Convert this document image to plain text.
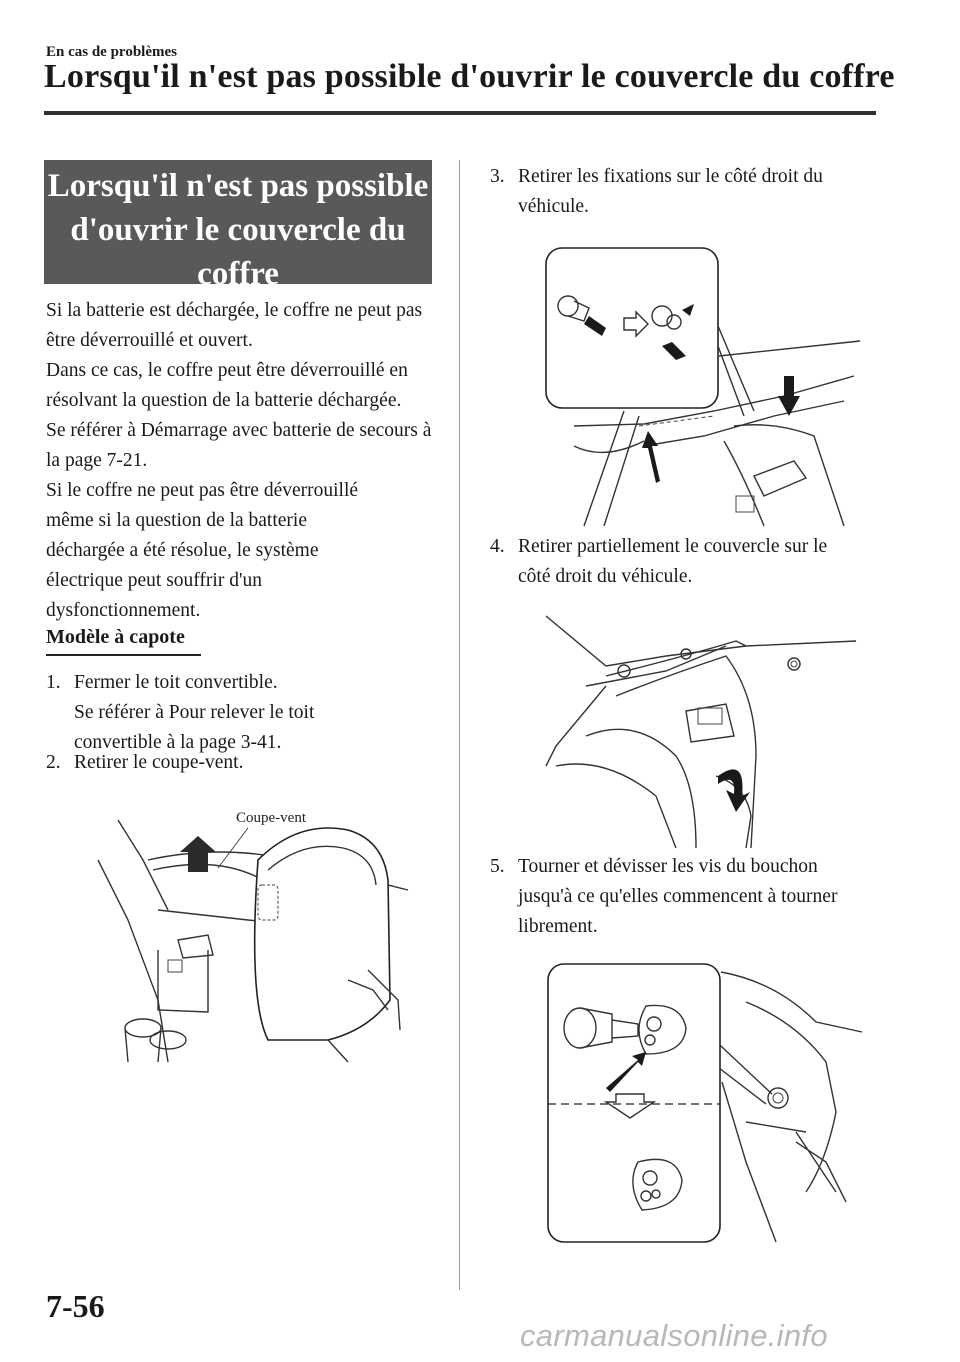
En cas de problèmes
Lorsqu'il n'est pas possible d'ouvrir le couvercle du coffre
Lorsqu'il n'est pas possible
d'ouvrir le couvercle du
coffre

Si la batterie est déchargée, le coffre ne peut pas être déverrouillé et ouvert.

Dans ce cas, le coffre peut être déverrouillé en résolvant la question de la batterie déchargée.

Se référer à Démarrage avec batterie de secours à la page 7-21.

Si le coffre ne peut pas être déverrouillé même si la question de la batterie déchargée a été résolue, le système électrique peut souffrir d'un dysfonctionnement.

Modèle à capote
1. Fermer le toit convertible.
Se référer à Pour relever le toit convertible à la page 3-41.
2. Retirer le coupe-vent.
3. Retirer les fixations sur le côté droit du véhicule.
4. Retirer partiellement le couvercle sur le côté droit du véhicule.
5. Tourner et dévisser les vis du bouchon jusqu'à ce qu'elles commencent à tourner librement.
Coupe-vent
7-56
carmanualsonline.info
